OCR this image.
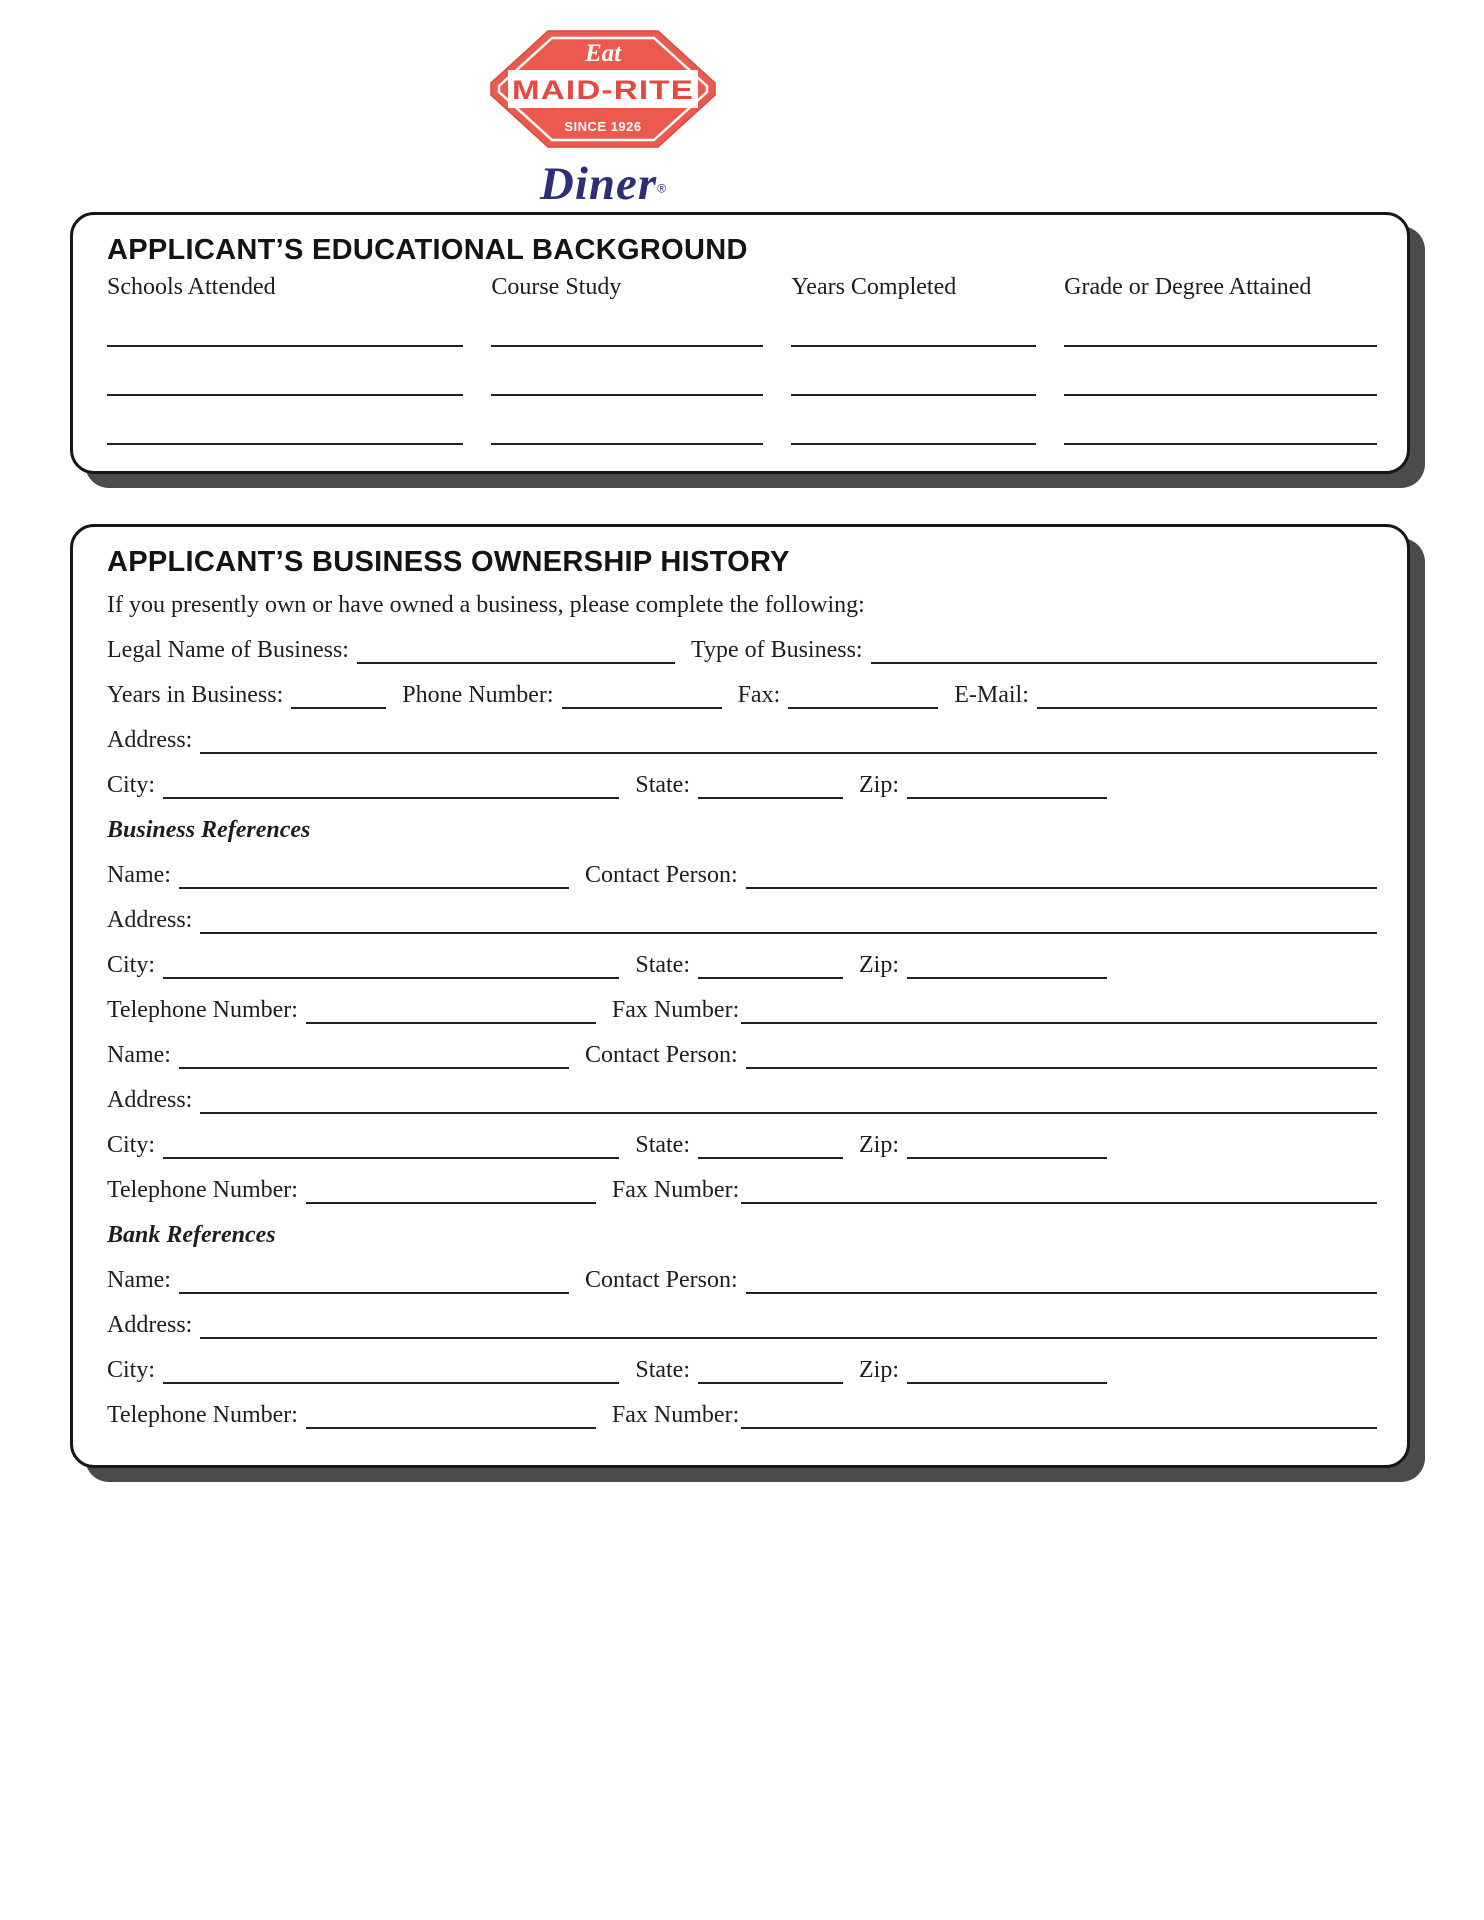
Eat
MAID-RITE
SINCE 1926
Diner®
APPLICANT’S EDUCATIONAL BACKGROUND
Schools Attended	Course Study	Years Completed	Grade or Degree Attained
APPLICANT’S BUSINESS OWNERSHIP HISTORY

If you presently own or have owned a business, please complete the following:

Legal Name of Business:	Type of Business:
Years in Business:	Phone Number:	Fax:	E-Mail:
Address:
City:	State:	Zip:
Business References
Name:	Contact Person:
Address:
City:	State:	Zip:
Telephone Number:	Fax Number:
Name:	Contact Person:
Address:
City:	State:	Zip:
Telephone Number:	Fax Number:
Bank References
Name:	Contact Person:
Address:
City:	State:	Zip:
Telephone Number:	Fax Number:
